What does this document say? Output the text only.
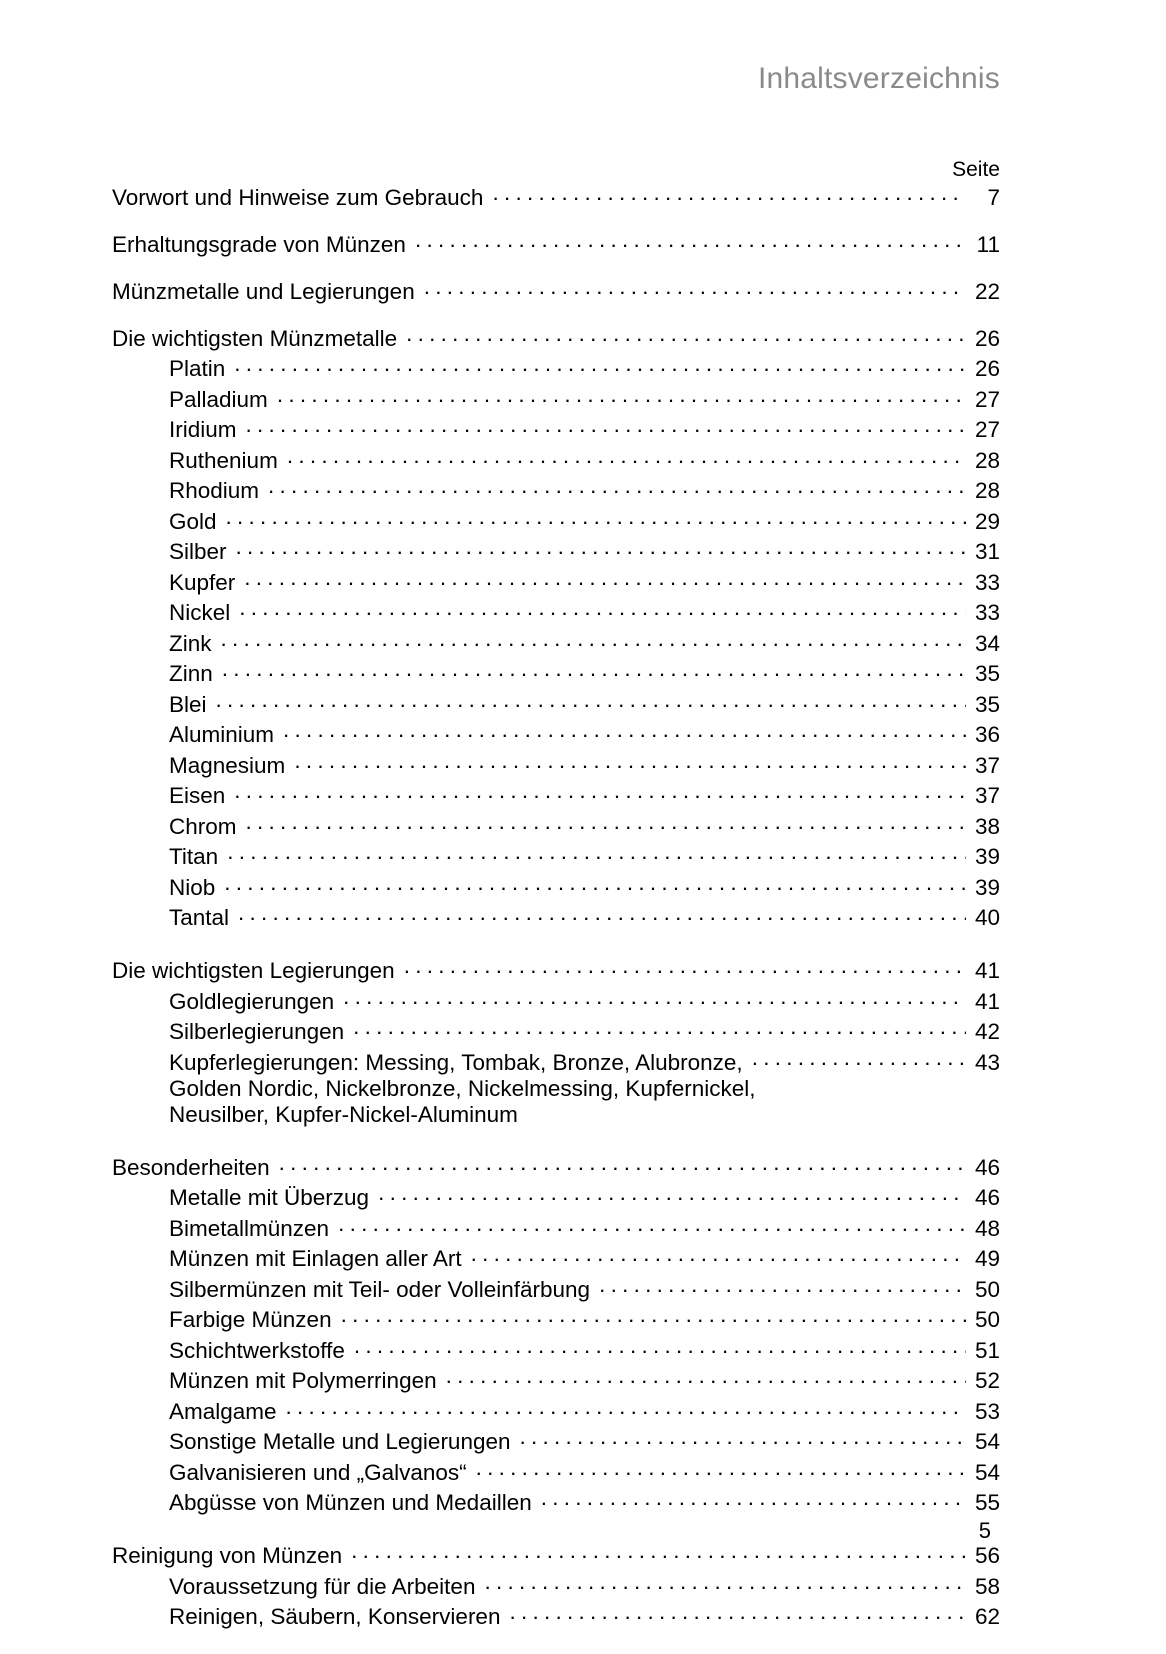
Inhaltsverzeichnis
Seite
Vorwort und Hinweise zum Gebrauch . . .	7
Erhaltungsgrade von Münzen . . .	11
Münzmetalle und Legierungen . . .	22
Die wichtigsten Münzmetalle . . .	26
Platin . . .	26
Palladium . . .	27
Iridium . . .	27
Ruthenium . . .	28
Rhodium . . .	28
Gold . . .	29
Silber . . .	31
Kupfer . . .	33
Nickel . . .	33
Zink . . .	34
Zinn . . .	35
Blei . . .	35
Aluminium . . .	36
Magnesium . . .	37
Eisen . . .	37
Chrom . . .	38
Titan . . .	39
Niob . . .	39
Tantal . . .	40
Die wichtigsten Legierungen . . .	41
Goldlegierungen . . .	41
Silberlegierungen . . .	42
Kupferlegierungen: Messing, Tombak, Bronze, Alubronze, . . .	43
Golden Nordic, Nickelbronze, Nickelmessing, Kupfernickel,
Neusilber, Kupfer-Nickel-Aluminum
Besonderheiten . . .	46
Metalle mit Überzug . . .	46
Bimetallmünzen . . .	48
Münzen mit Einlagen aller Art . . .	49
Silbermünzen mit Teil- oder Volleinfärbung . . .	50
Farbige Münzen . . .	50
Schichtwerkstoffe . . .	51
Münzen mit Polymerringen . . .	52
Amalgame . . .	53
Sonstige Metalle und Legierungen . . .	54
Galvanisieren und „Galvanos“ . . .	54
Abgüsse von Münzen und Medaillen . . .	55
Reinigung von Münzen . . .	56
Voraussetzung für die Arbeiten . . .	58
Reinigen, Säubern, Konservieren . . .	62
5
